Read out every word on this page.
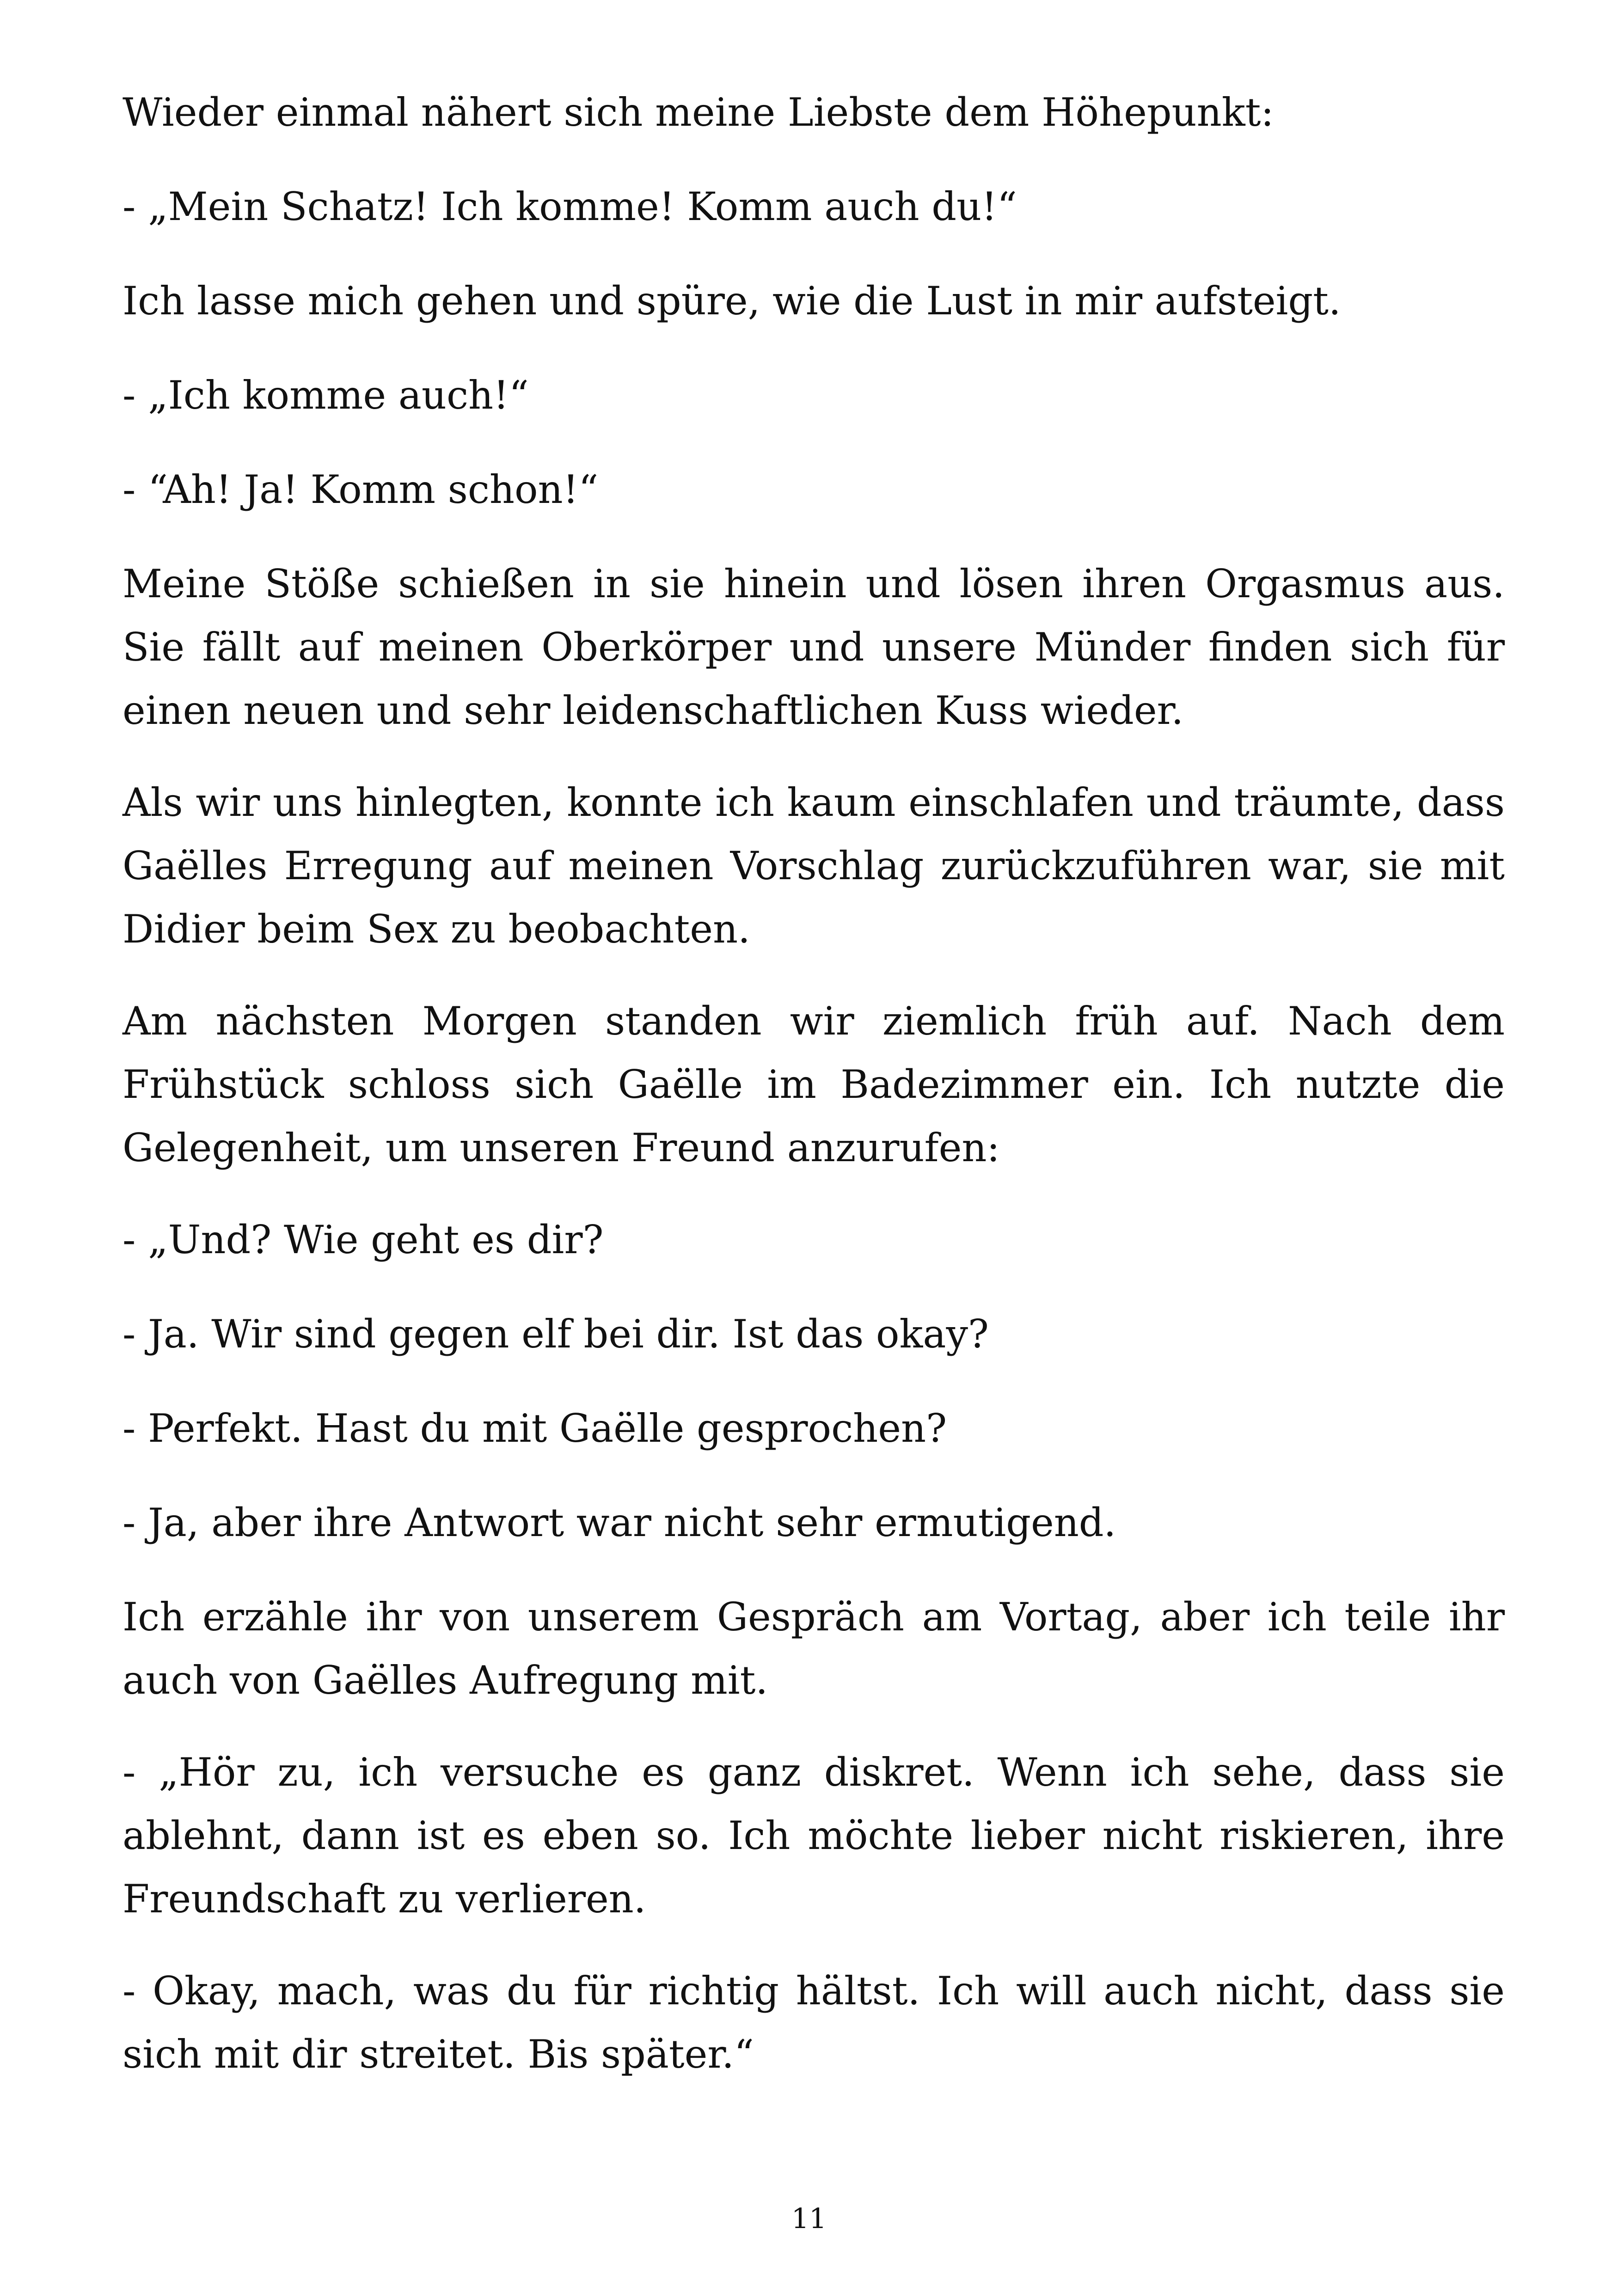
Wieder einmal nähert sich meine Liebste dem Höhepunkt:

- „Mein Schatz! Ich komme! Komm auch du!“

Ich lasse mich gehen und spüre, wie die Lust in mir aufsteigt.

- „Ich komme auch!“

- “Ah! Ja! Komm schon!“

Meine Stöße schießen in sie hinein und lösen ihren Orgasmus aus. Sie fällt auf meinen Oberkörper und unsere Münder finden sich für einen neuen und sehr leidenschaftlichen Kuss wieder.

Als wir uns hinlegten, konnte ich kaum einschlafen und träumte, dass Gaëlles Erregung auf meinen Vorschlag zurückzuführen war, sie mit Didier beim Sex zu beobachten.

Am nächsten Morgen standen wir ziemlich früh auf. Nach dem Frühstück schloss sich Gaëlle im Badezimmer ein. Ich nutzte die Gelegenheit, um unseren Freund anzurufen:

- „Und? Wie geht es dir?

- Ja. Wir sind gegen elf bei dir. Ist das okay?

- Perfekt. Hast du mit Gaëlle gesprochen?

- Ja, aber ihre Antwort war nicht sehr ermutigend.

Ich erzähle ihr von unserem Gespräch am Vortag, aber ich teile ihr auch von Gaëlles Aufregung mit.

- „Hör zu, ich versuche es ganz diskret. Wenn ich sehe, dass sie ablehnt, dann ist es eben so. Ich möchte lieber nicht riskieren, ihre Freundschaft zu verlieren.

- Okay, mach, was du für richtig hältst. Ich will auch nicht, dass sie sich mit dir streitet. Bis später.“

11
